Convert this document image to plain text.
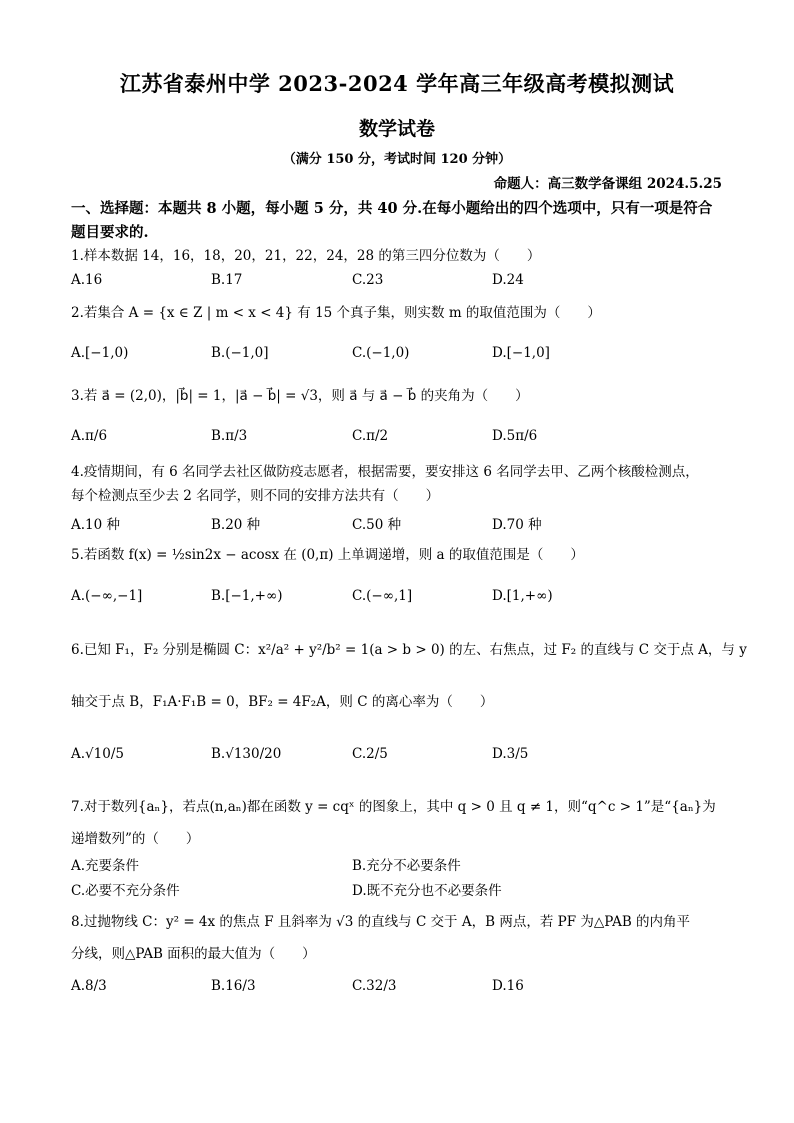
江苏省泰州中学 2023-2024 学年高三年级高考模拟测试
数学试卷
（满分 150 分，考试时间 120 分钟）
命题人：高三数学备课组 2024.5.25
一、选择题：本题共 8 小题，每小题 5 分，共 40 分.在每小题给出的四个选项中，只有一项是符合题目要求的.
1.样本数据 14，16，18，20，21，22，24，28 的第三四分位数为（　　）
A.16	B.17	C.23	D.24
2.若集合 A = {x ∈ Z | m < x < 4} 有 15 个真子集，则实数 m 的取值范围为（　　）
A.[−1,0)	B.(−1,0]	C.(−1,0)	D.[−1,0]
3.若 a⃗ = (2,0)，|b⃗| = 1，|a⃗ − b⃗| = √3，则 a⃗ 与 a⃗ − b⃗ 的夹角为（　　）
A.π/6	B.π/3	C.π/2	D.5π/6
4.疫情期间，有 6 名同学去社区做防疫志愿者，根据需要，要安排这 6 名同学去甲、乙两个核酸检测点，
每个检测点至少去 2 名同学，则不同的安排方法共有（　　）
A.10 种	B.20 种	C.50 种	D.70 种
5.若函数 f(x) = ½sin2x − acosx 在 (0,π) 上单调递增，则 a 的取值范围是（　　）
A.(−∞,−1]	B.[−1,+∞)	C.(−∞,1]	D.[1,+∞)
6.已知 F₁，F₂ 分别是椭圆 C：x²/a² + y²/b² = 1(a > b > 0) 的左、右焦点，过 F₂ 的直线与 C 交于点 A，与 y
轴交于点 B，F₁A·F₁B = 0，BF₂ = 4F₂A，则 C 的离心率为（　　）
A.√10/5	B.√130/20	C.2/5	D.3/5
7.对于数列{aₙ}，若点(n,aₙ)都在函数 y = cqˣ 的图象上，其中 q > 0 且 q ≠ 1，则“q^c > 1”是“{aₙ}为
递增数列”的（　　）
A.充要条件	B.充分不必要条件
C.必要不充分条件	D.既不充分也不必要条件
8.过抛物线 C：y² = 4x 的焦点 F 且斜率为 √3 的直线与 C 交于 A，B 两点，若 PF 为△PAB 的内角平
分线，则△PAB 面积的最大值为（　　）
A.8/3	B.16/3	C.32/3	D.16
